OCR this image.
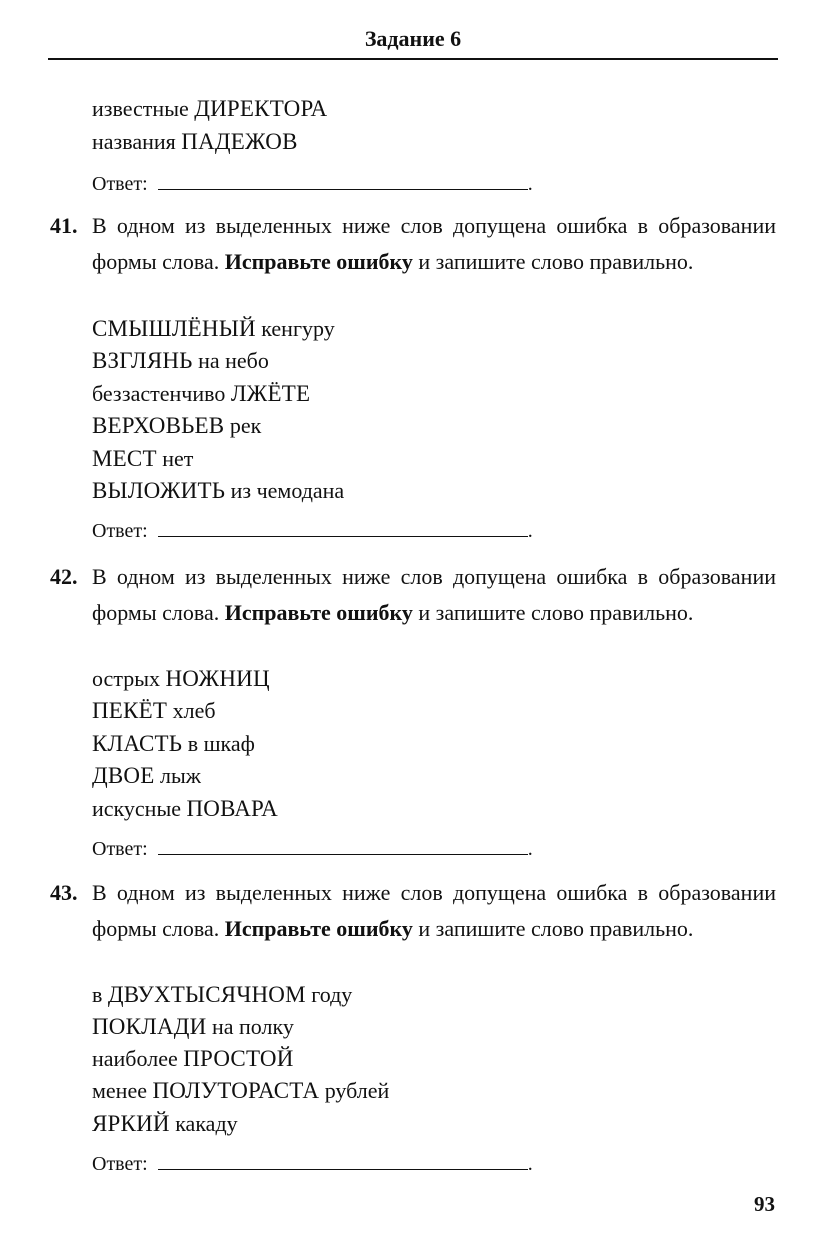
Задание 6
известные ДИРЕКТОРА
названия ПАДЕЖОВ
Ответ:	.
41. В одном из выделенных ниже слов допущена ошибка в образовании формы слова. Исправьте ошибку и запишите слово правильно.
СМЫШЛЁНЫЙ кенгуру
ВЗГЛЯНЬ на небо
беззастенчиво ЛЖЁТЕ
ВЕРХОВЬЕВ рек
МЕСТ нет
ВЫЛОЖИТЬ из чемодана
Ответ:	.
42. В одном из выделенных ниже слов допущена ошибка в образовании формы слова. Исправьте ошибку и запишите слово правильно.
острых НОЖНИЦ
ПЕКЁТ хлеб
КЛАСТЬ в шкаф
ДВОЕ лыж
искусные ПОВАРА
Ответ:	.
43. В одном из выделенных ниже слов допущена ошибка в образовании формы слова. Исправьте ошибку и запишите слово правильно.
в ДВУХТЫСЯЧНОМ году
ПОКЛАДИ на полку
наиболее ПРОСТОЙ
менее ПОЛУТОРАСТА рублей
ЯРКИЙ какаду
Ответ:	.
93
